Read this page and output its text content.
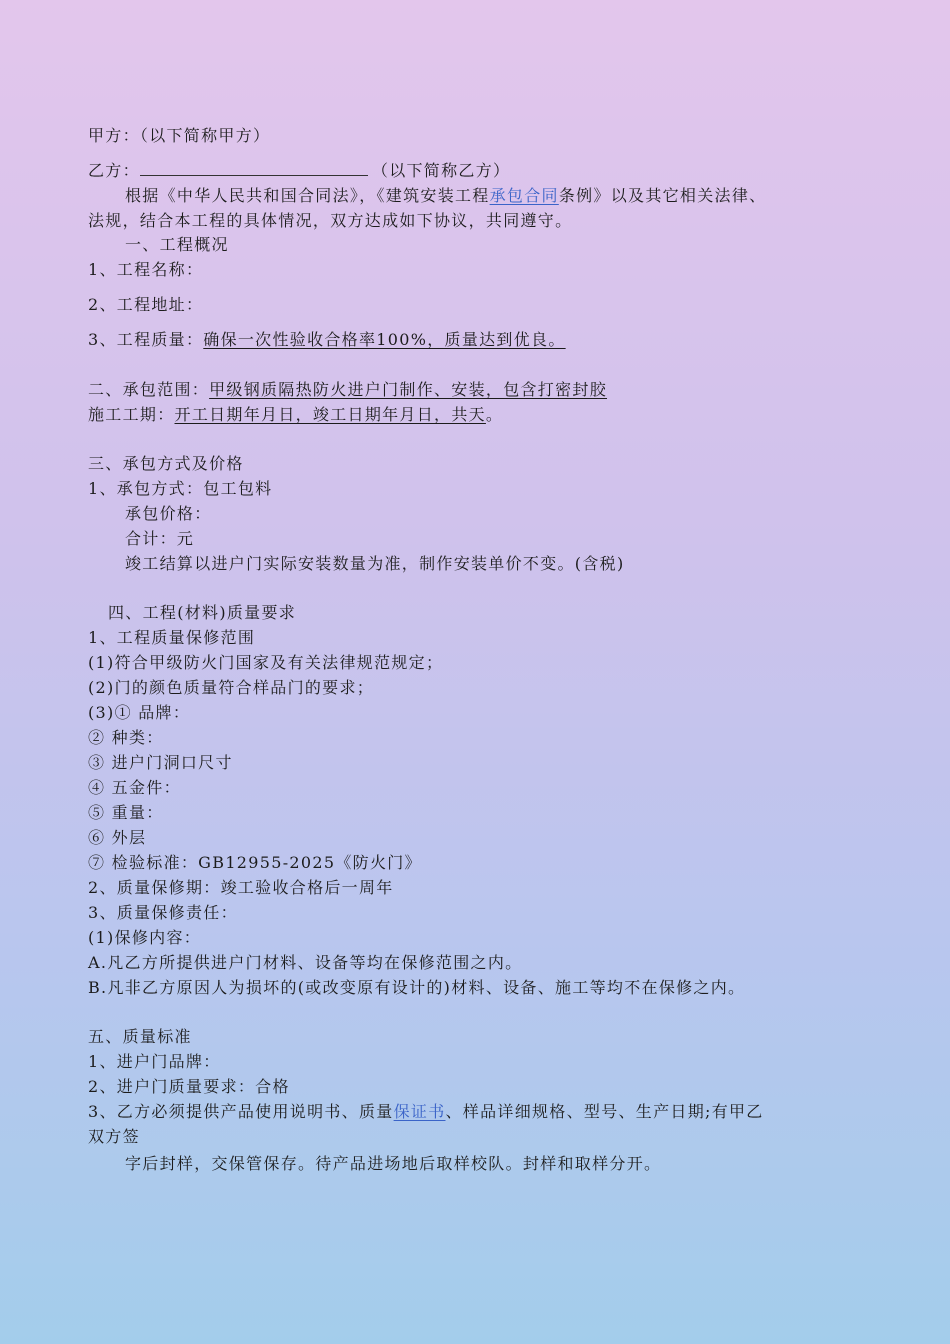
甲方：（以下简称甲方）
乙方：	（以下简称乙方）
根据《中华人民共和国合同法》，《建筑安装工程承包合同条例》以及其它相关法律、
法规，结合本工程的具体情况，双方达成如下协议，共同遵守。
一、工程概况
1、工程名称：
2、工程地址：
3、工程质量：确保一次性验收合格率100%，质量达到优良。
二、承包范围：甲级钢质隔热防火进户门制作、安装，包含打密封胶
施工工期：开工日期年月日，竣工日期年月日，共天。
三、承包方式及价格
1、承包方式：包工包料
承包价格：
合计：元
竣工结算以进户门实际安装数量为准，制作安装单价不变。(含税)
四、工程(材料)质量要求
1、工程质量保修范围
(1)符合甲级防火门国家及有关法律规范规定；
(2)门的颜色质量符合样品门的要求；
(3)① 品牌：
② 种类：
③ 进户门洞口尺寸
④ 五金件：
⑤ 重量：
⑥ 外层
⑦ 检验标准：GB12955-2025《防火门》
2、质量保修期：竣工验收合格后一周年
3、质量保修责任：
(1)保修内容：
A.凡乙方所提供进户门材料、设备等均在保修范围之内。
B.凡非乙方原因人为损坏的(或改变原有设计的)材料、设备、施工等均不在保修之内。
五、质量标准
1、进户门品牌：
2、进户门质量要求：合格
3、乙方必须提供产品使用说明书、质量保证书、样品详细规格、型号、生产日期;有甲乙
双方签
字后封样，交保管保存。待产品进场地后取样校队。封样和取样分开。
